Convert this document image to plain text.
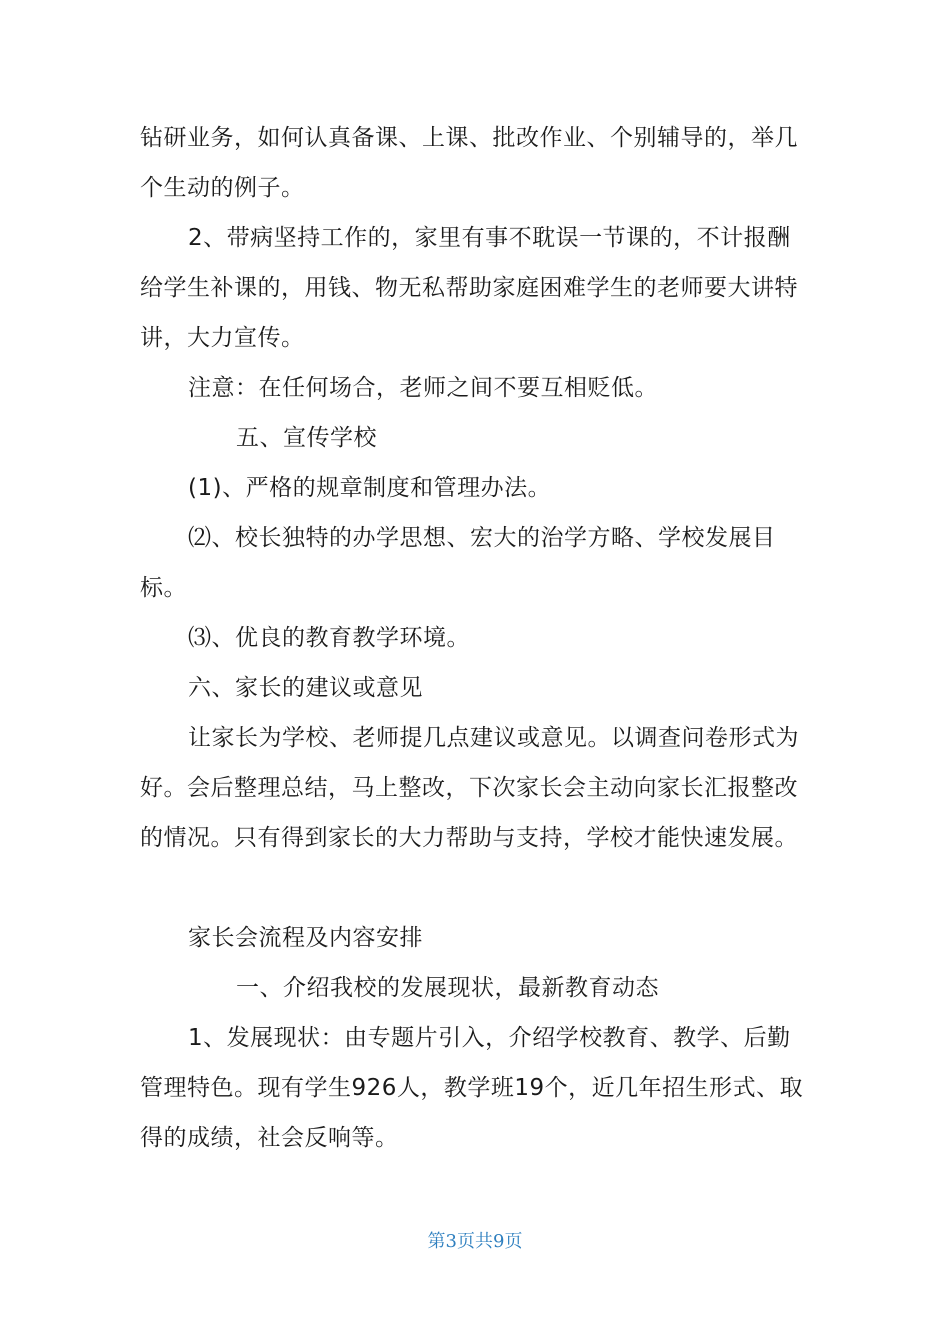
钻研业务，如何认真备课、上课、批改作业、个别辅导的，举几
个生动的例子。
2、带病坚持工作的，家里有事不耽误一节课的，不计报酬
给学生补课的，用钱、物无私帮助家庭困难学生的老师要大讲特
讲，大力宣传。
注意：在任何场合，老师之间不要互相贬低。
五、宣传学校
(1)、严格的规章制度和管理办法。
⑵、校长独特的办学思想、宏大的治学方略、学校发展目
标。
⑶、优良的教育教学环境。
六、家长的建议或意见
让家长为学校、老师提几点建议或意见。以调查问卷形式为
好。会后整理总结，马上整改，下次家长会主动向家长汇报整改
的情况。只有得到家长的大力帮助与支持，学校才能快速发展。
家长会流程及内容安排
一、介绍我校的发展现状，最新教育动态
1、发展现状：由专题片引入，介绍学校教育、教学、后勤
管理特色。现有学生926人，教学班19个，近几年招生形式、取
得的成绩，社会反响等。
第3页共9页
